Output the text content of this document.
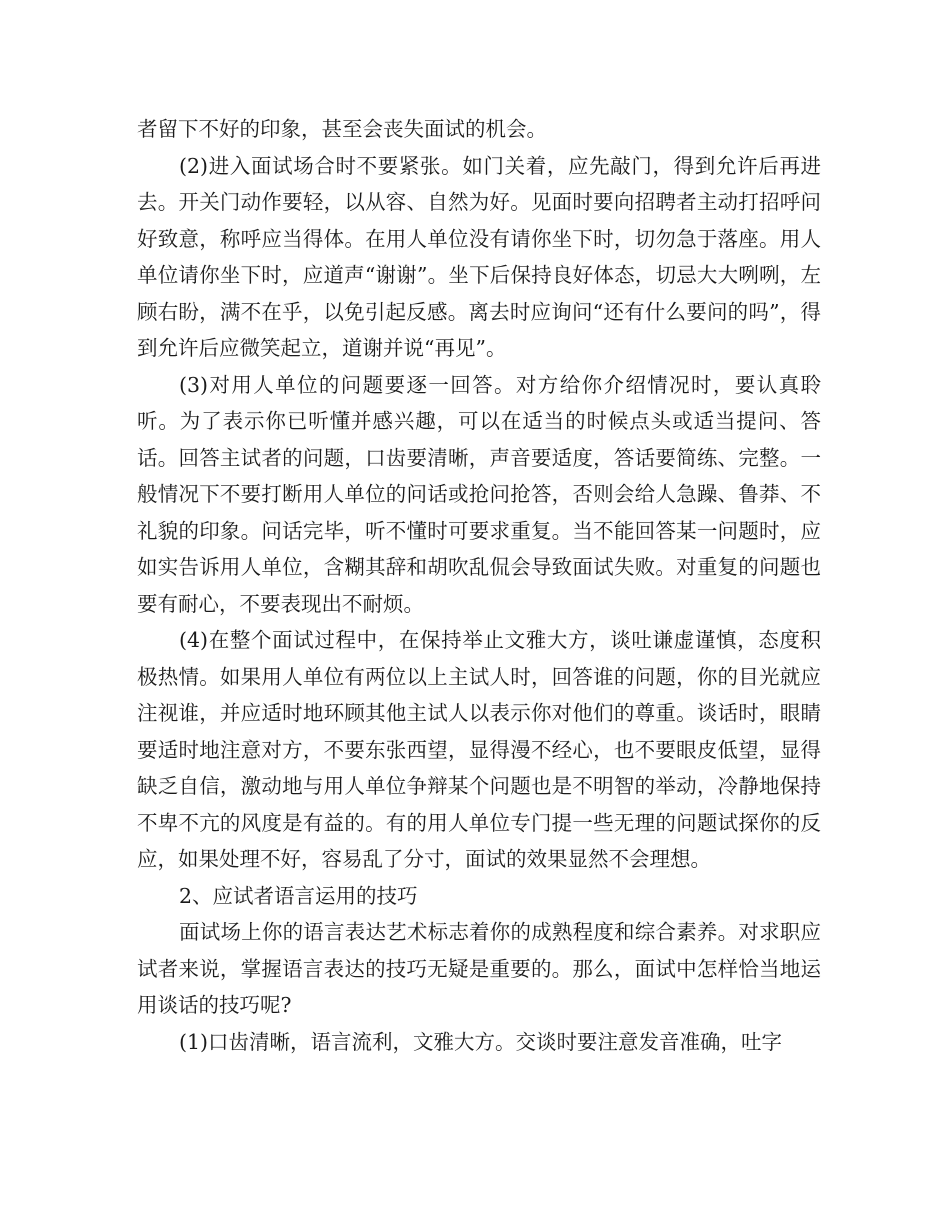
者留下不好的印象，甚至会丧失面试的机会。

(2)进入面试场合时不要紧张。如门关着，应先敲门，得到允许后再进去。开关门动作要轻，以从容、自然为好。见面时要向招聘者主动打招呼问好致意，称呼应当得体。在用人单位没有请你坐下时，切勿急于落座。用人单位请你坐下时，应道声“谢谢”。坐下后保持良好体态，切忌大大咧咧，左顾右盼，满不在乎，以免引起反感。离去时应询问“还有什么要问的吗”，得到允许后应微笑起立，道谢并说“再见”。

(3)对用人单位的问题要逐一回答。对方给你介绍情况时，要认真聆听。为了表示你已听懂并感兴趣，可以在适当的时候点头或适当提问、答话。回答主试者的问题，口齿要清晰，声音要适度，答话要简练、完整。一般情况下不要打断用人单位的问话或抢问抢答，否则会给人急躁、鲁莽、不礼貌的印象。问话完毕，听不懂时可要求重复。当不能回答某一问题时，应如实告诉用人单位，含糊其辞和胡吹乱侃会导致面试失败。对重复的问题也要有耐心，不要表现出不耐烦。

(4)在整个面试过程中，在保持举止文雅大方，谈吐谦虚谨慎，态度积极热情。如果用人单位有两位以上主试人时，回答谁的问题，你的目光就应注视谁，并应适时地环顾其他主试人以表示你对他们的尊重。谈话时，眼睛要适时地注意对方，不要东张西望，显得漫不经心，也不要眼皮低望，显得缺乏自信，激动地与用人单位争辩某个问题也是不明智的举动，冷静地保持不卑不亢的风度是有益的。有的用人单位专门提一些无理的问题试探你的反应，如果处理不好，容易乱了分寸，面试的效果显然不会理想。

2、应试者语言运用的技巧

面试场上你的语言表达艺术标志着你的成熟程度和综合素养。对求职应试者来说，掌握语言表达的技巧无疑是重要的。那么，面试中怎样恰当地运用谈话的技巧呢?

(1)口齿清晰，语言流利，文雅大方。交谈时要注意发音准确，吐字
